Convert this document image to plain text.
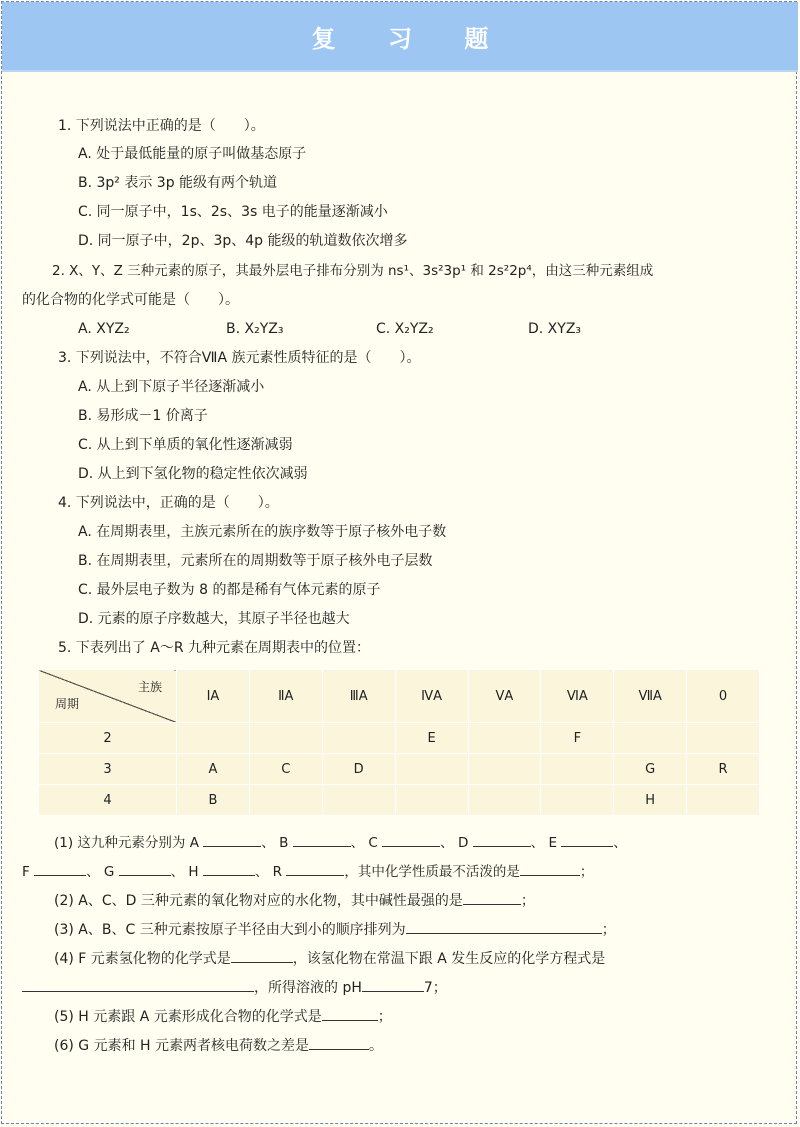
复 习 题
1. 下列说法中正确的是（　　）。
A. 处于最低能量的原子叫做基态原子
B. 3p² 表示 3p 能级有两个轨道
C. 同一原子中，1s、2s、3s 电子的能量逐渐减小
D. 同一原子中，2p、3p、4p 能级的轨道数依次增多
2. X、Y、Z 三种元素的原子，其最外层电子排布分别为 ns¹、3s²3p¹ 和 2s²2p⁴，由这三种元素组成
的化合物的化学式可能是（　　）。
A. XYZ₂	B. X₂YZ₃	C. X₂YZ₂	D. XYZ₃
3. 下列说法中，不符合ⅦA 族元素性质特征的是（　　）。
A. 从上到下原子半径逐渐减小
B. 易形成－1 价离子
C. 从上到下单质的氧化性逐渐减弱
D. 从上到下氢化物的稳定性依次减弱
4. 下列说法中，正确的是（　　）。
A. 在周期表里，主族元素所在的族序数等于原子核外电子数
B. 在周期表里，元素所在的周期数等于原子核外电子层数
C. 最外层电子数为 8 的都是稀有气体元素的原子
D. 元素的原子序数越大，其原子半径也越大
5. 下表列出了 A～R 九种元素在周期表中的位置：
主族
周期	ⅠA	ⅡA	ⅢA	ⅣA	ⅤA	ⅥA	ⅦA	0
2				E		F		
3	A	C	D				G	R
4	B						H	
(1) 这九种元素分别为 A	、 B	、 C	、 D	、 E	、
F	、 G	、 H	、 R	，其中化学性质最不活泼的是	；
(2) A、C、D 三种元素的氧化物对应的水化物，其中碱性最强的是	；
(3) A、B、C 三种元素按原子半径由大到小的顺序排列为	；
(4) F 元素氢化物的化学式是	，该氢化物在常温下跟 A 发生反应的化学方程式是
，所得溶液的 pH	7；
(5) H 元素跟 A 元素形成化合物的化学式是	；
(6) G 元素和 H 元素两者核电荷数之差是	。
